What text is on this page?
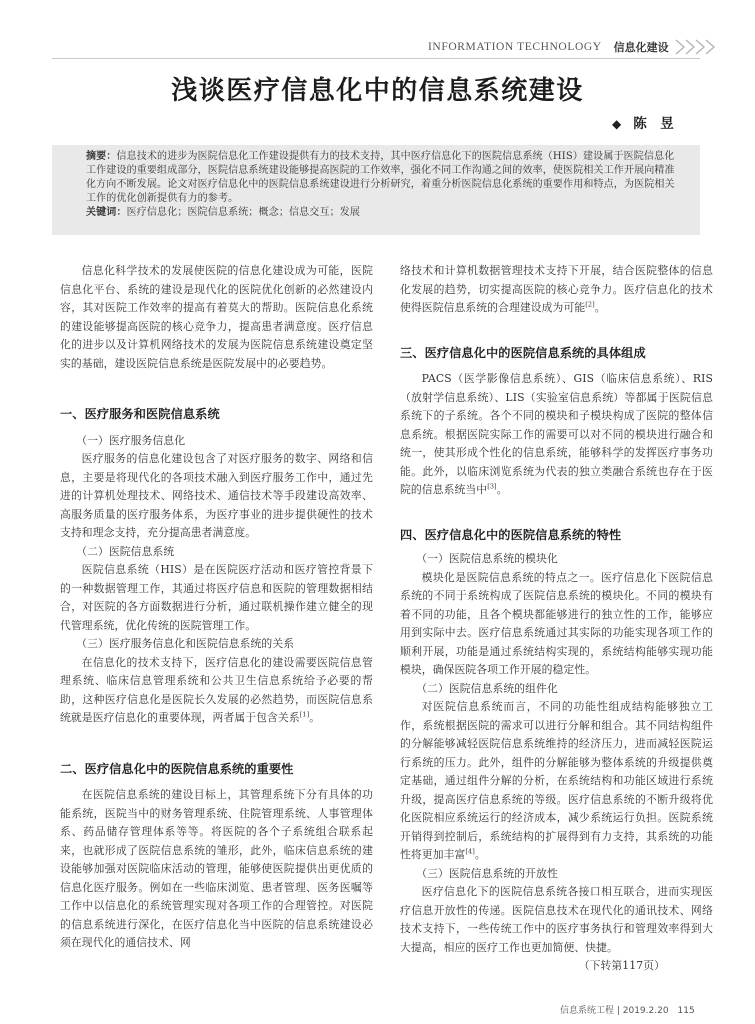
INFORMATION TECHNOLOGY 信息化建设
浅谈医疗信息化中的信息系统建设
◆ 陈　昱

摘要：信息技术的进步为医院信息化工作建设提供有力的技术支持，其中医疗信息化下的医院信息系统（HIS）建设属于医院信息化工作建设的重要组成部分，医院信息系统建设能够提高医院的工作效率，强化不同工作沟通之间的效率，使医院相关工作开展向精准化方向不断发展。论文对医疗信息化中的医院信息系统建设进行分析研究，着重分析医院信息化系统的重要作用和特点，为医院相关工作的优化创新提供有力的参考。

关键词：医疗信息化；医院信息系统；概念；信息交互；发展

信息化科学技术的发展使医院的信息化建设成为可能，医院信息化平台、系统的建设是现代化的医院优化创新的必然建设内容，其对医院工作效率的提高有着莫大的帮助。医院信息化系统的建设能够提高医院的核心竞争力，提高患者满意度。医疗信息化的进步以及计算机网络技术的发展为医院信息系统建设奠定坚实的基础，建设医院信息系统是医院发展中的必要趋势。

一、医疗服务和医院信息系统

（一）医疗服务信息化

医疗服务的信息化建设包含了对医疗服务的数字、网络和信息，主要是将现代化的各项技术融入到医疗服务工作中，通过先进的计算机处理技术、网络技术、通信技术等手段建设高效率、高服务质量的医疗服务体系，为医疗事业的进步提供硬性的技术支持和理念支持，充分提高患者满意度。

（二）医院信息系统

医院信息系统（HIS）是在医院医疗活动和医疗管控背景下的一种数据管理工作，其通过将医疗信息和医院的管理数据相结合，对医院的各方面数据进行分析，通过联机操作建立健全的现代管理系统，优化传统的医院管理工作。

（三）医疗服务信息化和医院信息系统的关系

在信息化的技术支持下，医疗信息化的建设需要医院信息管理系统、临床信息管理系统和公共卫生信息系统给予必要的帮助，这种医疗信息化是医院长久发展的必然趋势，而医院信息系统就是医疗信息化的重要体现，两者属于包含关系[1]。

二、医疗信息化中的医院信息系统的重要性

在医院信息系统的建设目标上，其管理系统下分有具体的功能系统，医院当中的财务管理系统、住院管理系统、人事管理体系、药品储存管理体系等等。将医院的各个子系统组合联系起来，也就形成了医院信息系统的雏形，此外，临床信息系统的建设能够加强对医院临床活动的管理，能够使医院提供出更优质的信息化医疗服务。例如在一些临床浏览、患者管理、医务医嘱等工作中以信息化的系统管理实现对各项工作的合理管控。对医院的信息系统进行深化，在医疗信息化当中医院的信息系统建设必须在现代化的通信技术、网

络技术和计算机数据管理技术支持下开展，结合医院整体的信息化发展的趋势，切实提高医院的核心竞争力。医疗信息化的技术使得医院信息系统的合理建设成为可能[2]。

三、医疗信息化中的医院信息系统的具体组成

PACS（医学影像信息系统）、GIS（临床信息系统）、RIS（放射学信息系统）、LIS（实验室信息系统）等都属于医院信息系统下的子系统。各个不同的模块和子模块构成了医院的整体信息系统。根据医院实际工作的需要可以对不同的模块进行融合和统一，使其形成个性化的信息系统，能够科学的发挥医疗事务功能。此外，以临床浏览系统为代表的独立类融合系统也存在于医院的信息系统当中[3]。

四、医疗信息化中的医院信息系统的特性

（一）医院信息系统的模块化

模块化是医院信息系统的特点之一。医疗信息化下医院信息系统的不同于系统构成了医院信息系统的模块化。不同的模块有着不同的功能，且各个模块都能够进行的独立性的工作，能够应用到实际中去。医疗信息系统通过其实际的功能实现各项工作的顺利开展，功能是通过系统结构实现的，系统结构能够实现功能模块，确保医院各项工作开展的稳定性。

（二）医院信息系统的组件化

对医院信息系统而言，不同的功能性组成结构能够独立工作，系统根据医院的需求可以进行分解和组合。其不同结构组件的分解能够减轻医院信息系统维持的经济压力，进而减轻医院运行系统的压力。此外，组件的分解能够为整体系统的升级提供奠定基础，通过组件分解的分析，在系统结构和功能区域进行系统升级，提高医疗信息系统的等级。医疗信息系统的不断升级将优化医院相应系统运行的经济成本，减少系统运行负担。医院系统开销得到控制后，系统结构的扩展得到有力支持，其系统的功能性将更加丰富[4]。

（三）医院信息系统的开放性

医疗信息化下的医院信息系统各接口相互联合，进而实现医疗信息开放性的传递。医院信息技术在现代化的通讯技术、网络技术支持下，一些传统工作中的医疗事务执行和管理效率得到大大提高，相应的医疗工作也更加简便、快捷。

（下转第117页）

信息系统工程 | 2019.2.20　115
